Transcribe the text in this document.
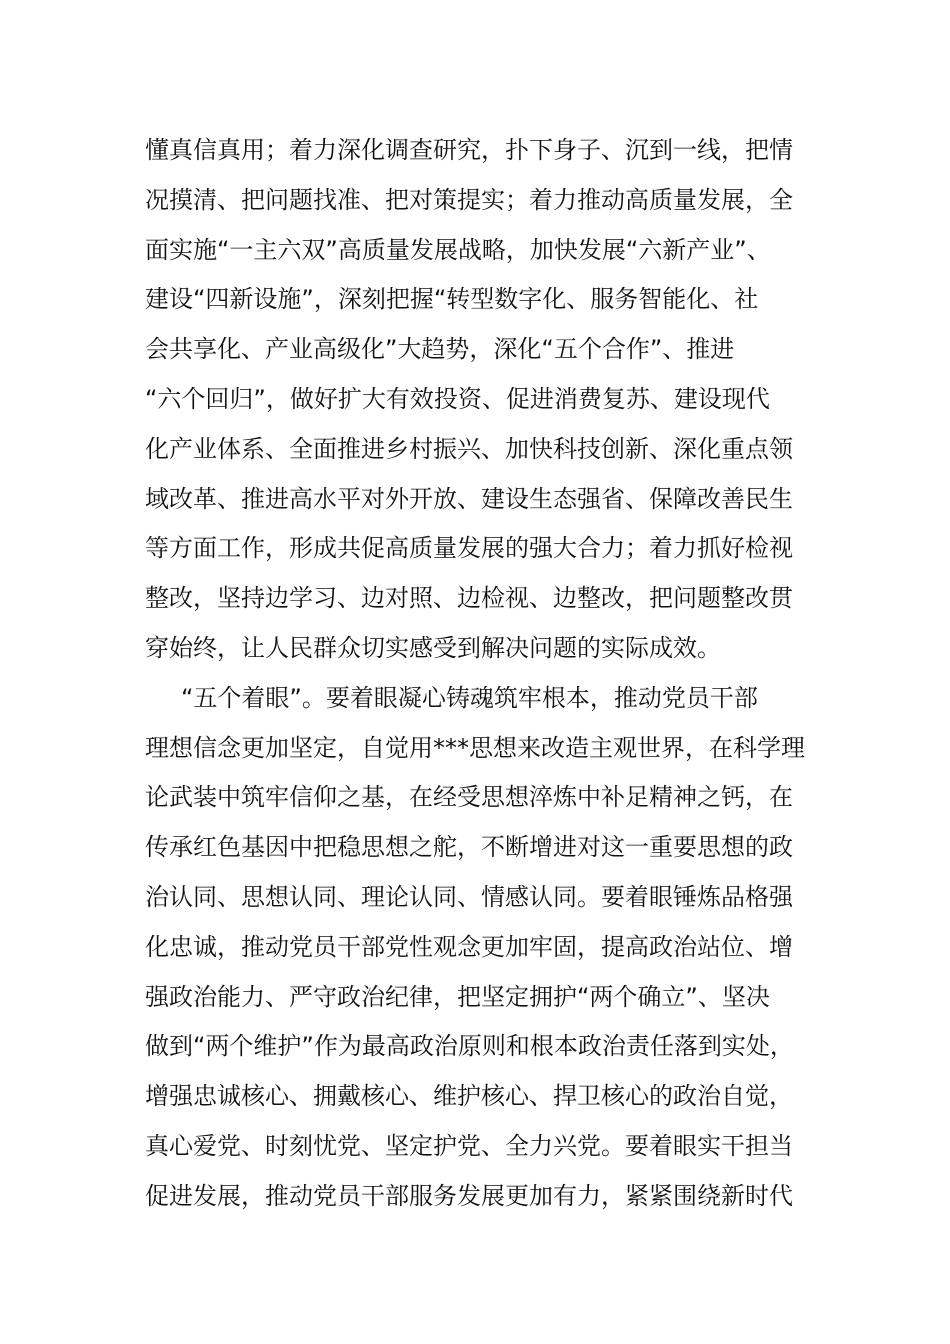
懂真信真用；着力深化调查研究，扑下身子、沉到一线，把情
况摸清、把问题找准、把对策提实；着力推动高质量发展，全
面实施“一主六双”高质量发展战略，加快发展“六新产业”、
建设“四新设施”，深刻把握“转型数字化、服务智能化、社
会共享化、产业高级化”大趋势，深化“五个合作”、推进
“六个回归”，做好扩大有效投资、促进消费复苏、建设现代
化产业体系、全面推进乡村振兴、加快科技创新、深化重点领
域改革、推进高水平对外开放、建设生态强省、保障改善民生
等方面工作，形成共促高质量发展的强大合力；着力抓好检视
整改，坚持边学习、边对照、边检视、边整改，把问题整改贯
穿始终，让人民群众切实感受到解决问题的实际成效。
“五个着眼”。要着眼凝心铸魂筑牢根本，推动党员干部
理想信念更加坚定，自觉用***思想来改造主观世界，在科学理
论武装中筑牢信仰之基，在经受思想淬炼中补足精神之钙，在
传承红色基因中把稳思想之舵，不断增进对这一重要思想的政
治认同、思想认同、理论认同、情感认同。要着眼锤炼品格强
化忠诚，推动党员干部党性观念更加牢固，提高政治站位、增
强政治能力、严守政治纪律，把坚定拥护“两个确立”、坚决
做到“两个维护”作为最高政治原则和根本政治责任落到实处，
增强忠诚核心、拥戴核心、维护核心、捍卫核心的政治自觉，
真心爱党、时刻忧党、坚定护党、全力兴党。要着眼实干担当
促进发展，推动党员干部服务发展更加有力，紧紧围绕新时代
